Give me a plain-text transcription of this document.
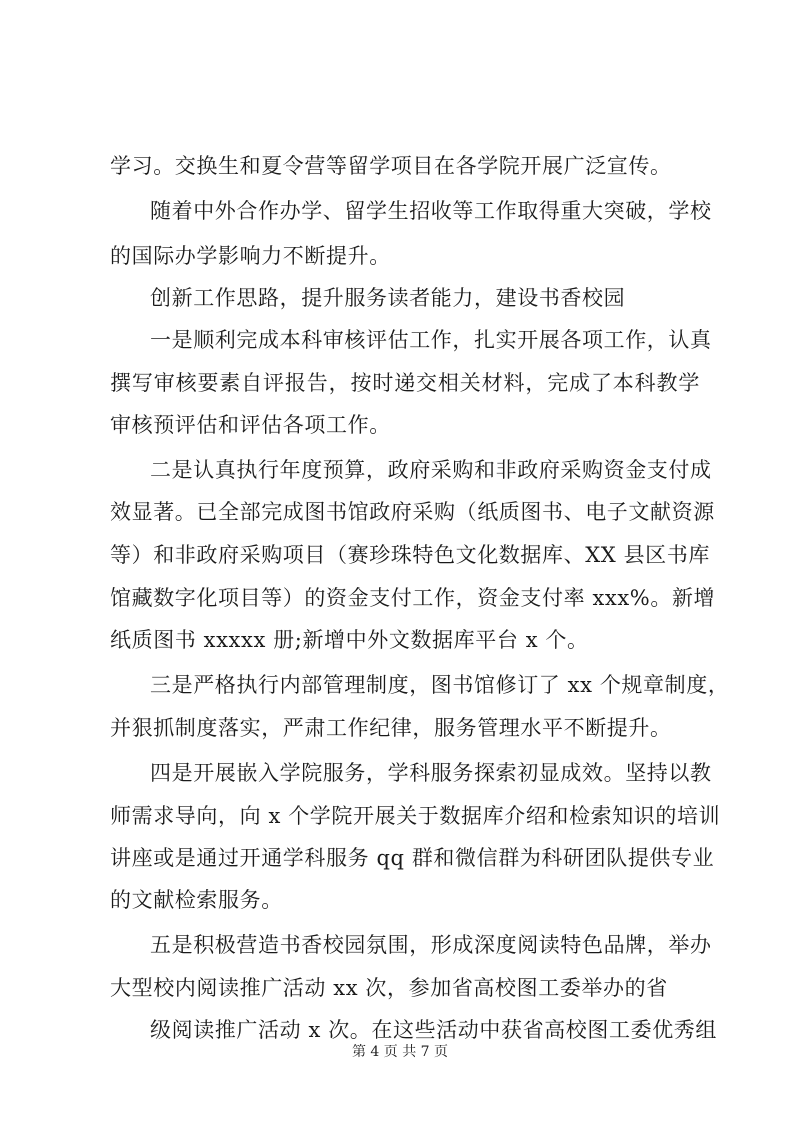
学习。交换生和夏令营等留学项目在各学院开展广泛宣传。
随着中外合作办学、留学生招收等工作取得重大突破，学校
的国际办学影响力不断提升。
创新工作思路，提升服务读者能力，建设书香校园
一是顺利完成本科审核评估工作，扎实开展各项工作，认真
撰写审核要素自评报告，按时递交相关材料，完成了本科教学
审核预评估和评估各项工作。
二是认真执行年度预算，政府采购和非政府采购资金支付成
效显著。已全部完成图书馆政府采购（纸质图书、电子文献资源
等）和非政府采购项目（赛珍珠特色文化数据库、XX 县区书库
馆藏数字化项目等）的资金支付工作，资金支付率 xxx%。新增
纸质图书 xxxxx 册;新增中外文数据库平台 x 个。
三是严格执行内部管理制度，图书馆修订了 xx 个规章制度，
并狠抓制度落实，严肃工作纪律，服务管理水平不断提升。
四是开展嵌入学院服务，学科服务探索初显成效。坚持以教
师需求导向，向 x 个学院开展关于数据库介绍和检索知识的培训
讲座或是通过开通学科服务 qq 群和微信群为科研团队提供专业
的文献检索服务。
五是积极营造书香校园氛围，形成深度阅读特色品牌，举办
大型校内阅读推广活动 xx 次，参加省高校图工委举办的省
级阅读推广活动 x 次。在这些活动中获省高校图工委优秀组
第 4 页 共 7 页
